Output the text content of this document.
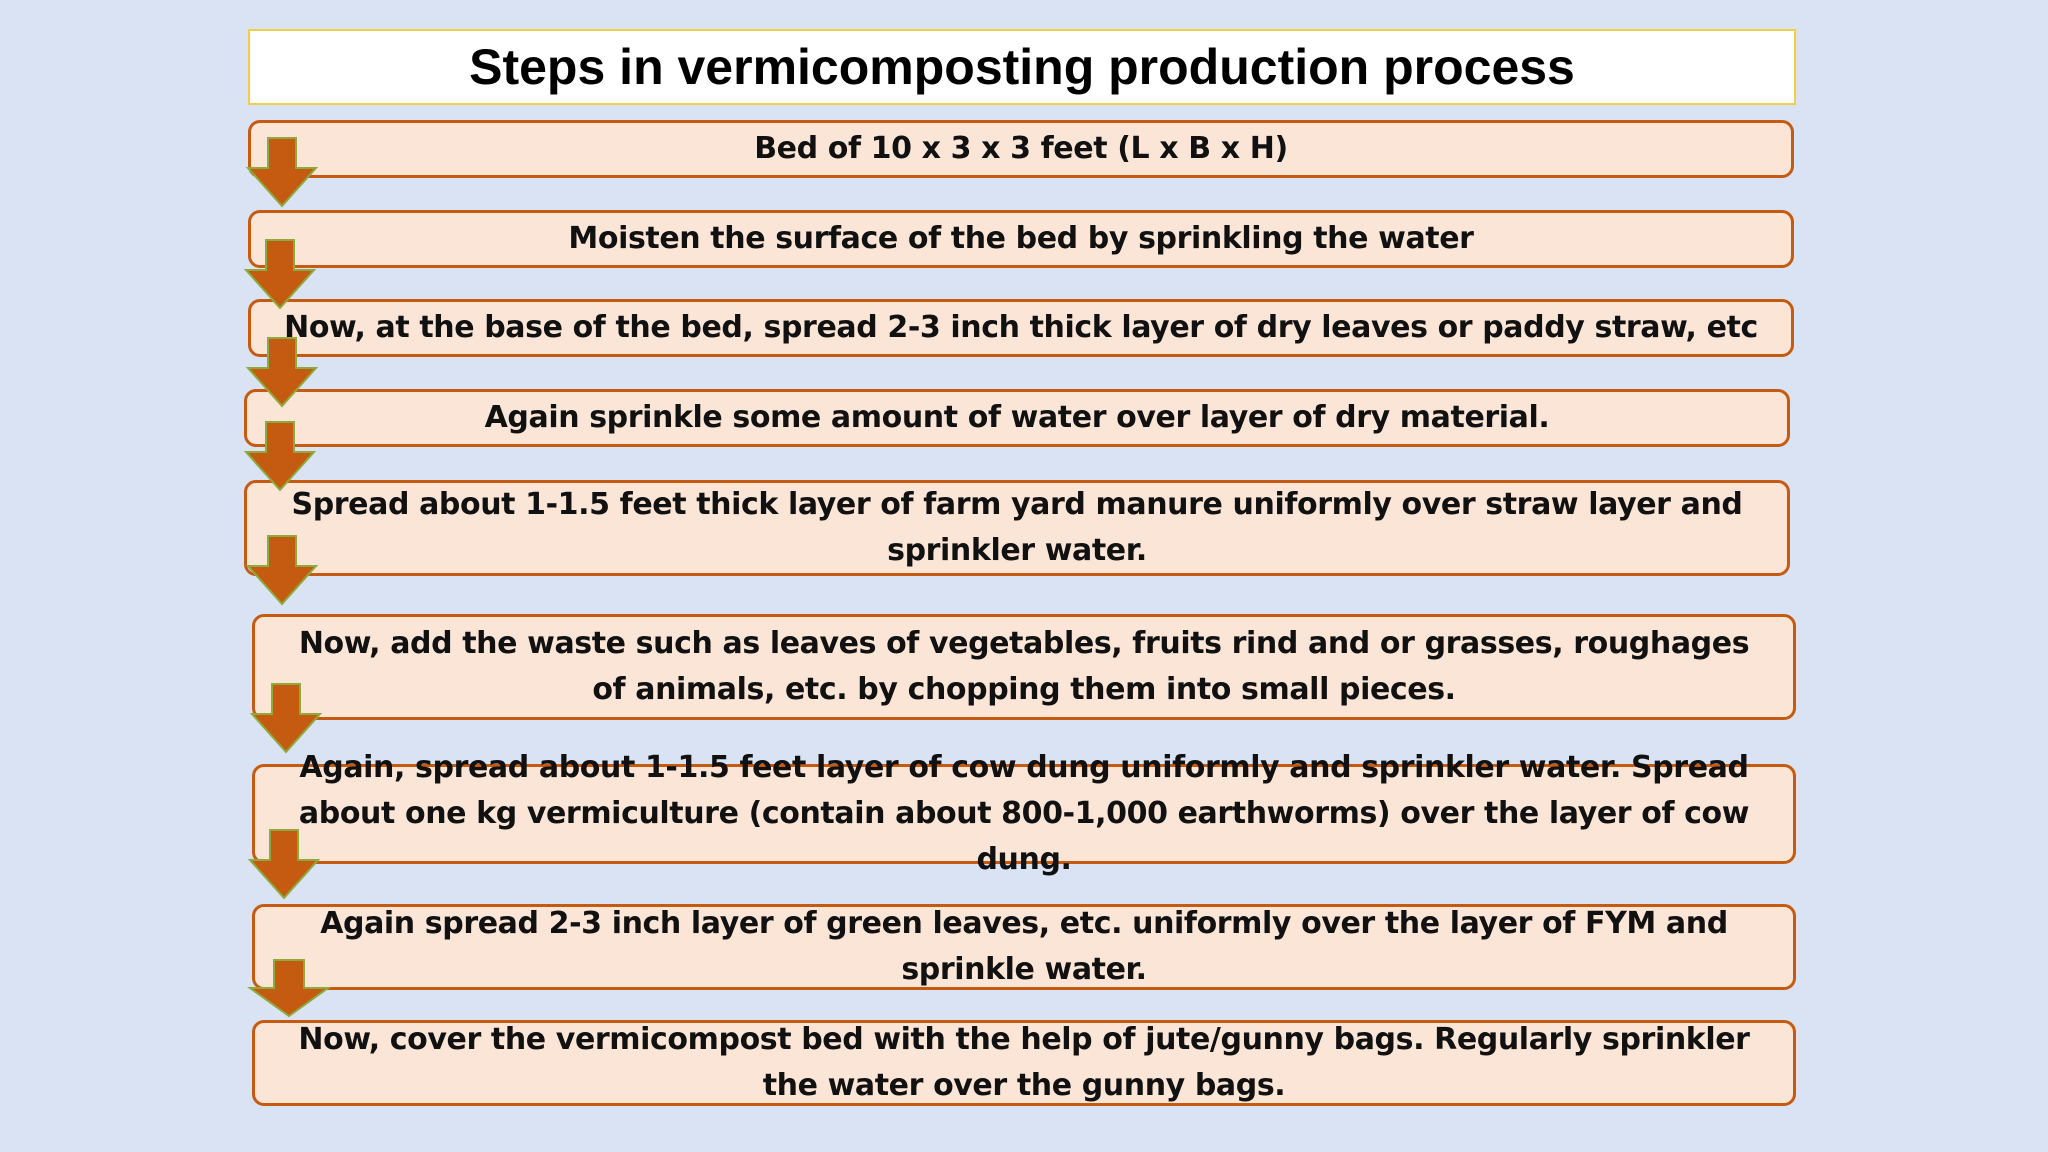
Steps in vermicomposting production process
Bed of 10 x 3 x 3 feet (L x B x H)
Moisten the surface of the bed by sprinkling the water
Now, at the base of the bed, spread 2-3 inch thick layer of dry leaves or paddy straw, etc
Again sprinkle some amount of water over layer of dry material.
Spread about 1-1.5 feet thick layer of farm yard manure uniformly over straw layer and sprinkler water.
Now, add the waste such as leaves of vegetables, fruits rind and or grasses, roughages of animals, etc. by chopping them into small pieces.
Again, spread about 1-1.5 feet layer of cow dung uniformly and sprinkler water. Spread about one kg vermiculture (contain about 800-1,000 earthworms) over the layer of cow dung.
Again spread 2-3 inch layer of green leaves, etc. uniformly over the layer of FYM and sprinkle water.
Now, cover the vermicompost bed with the help of jute/gunny bags. Regularly sprinkler the water over the gunny bags.
